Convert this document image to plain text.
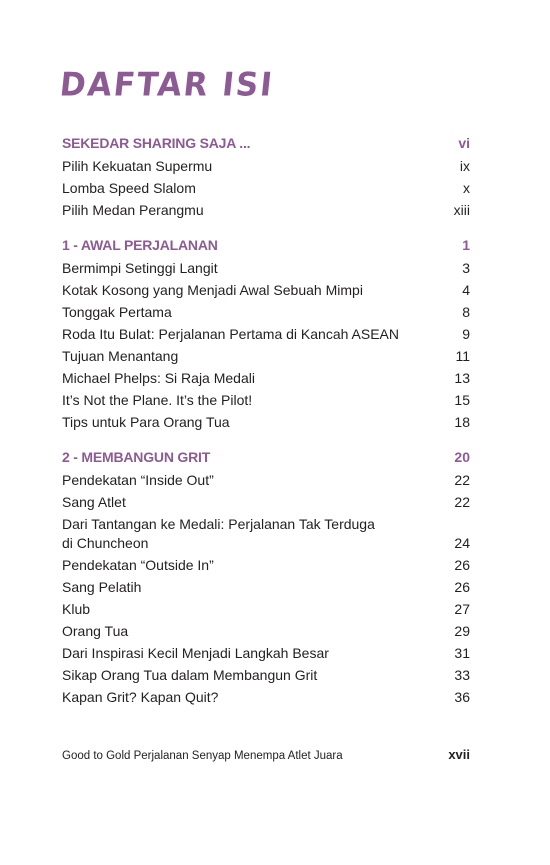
DAFTAR ISI
SEKEDAR SHARING SAJA ...	vi
Pilih Kekuatan Supermu	ix
Lomba Speed Slalom	x
Pilih Medan Perangmu	xiii
1 - AWAL PERJALANAN	1
Bermimpi Setinggi Langit	3
Kotak Kosong yang Menjadi Awal Sebuah Mimpi	4
Tonggak Pertama	8
Roda Itu Bulat: Perjalanan Pertama di Kancah ASEAN	9
Tujuan Menantang	11
Michael Phelps: Si Raja Medali	13
It’s Not the Plane. It’s the Pilot!	15
Tips untuk Para Orang Tua	18
2 - MEMBANGUN GRIT	20
Pendekatan “Inside Out”	22
Sang Atlet	22
Dari Tantangan ke Medali: Perjalanan Tak Terduga di Chuncheon	24
Pendekatan “Outside In”	26
Sang Pelatih	26
Klub	27
Orang Tua	29
Dari Inspirasi Kecil Menjadi Langkah Besar	31
Sikap Orang Tua dalam Membangun Grit	33
Kapan Grit? Kapan Quit?	36
Good to Gold Perjalanan Senyap Menempa Atlet Juara	xvii
